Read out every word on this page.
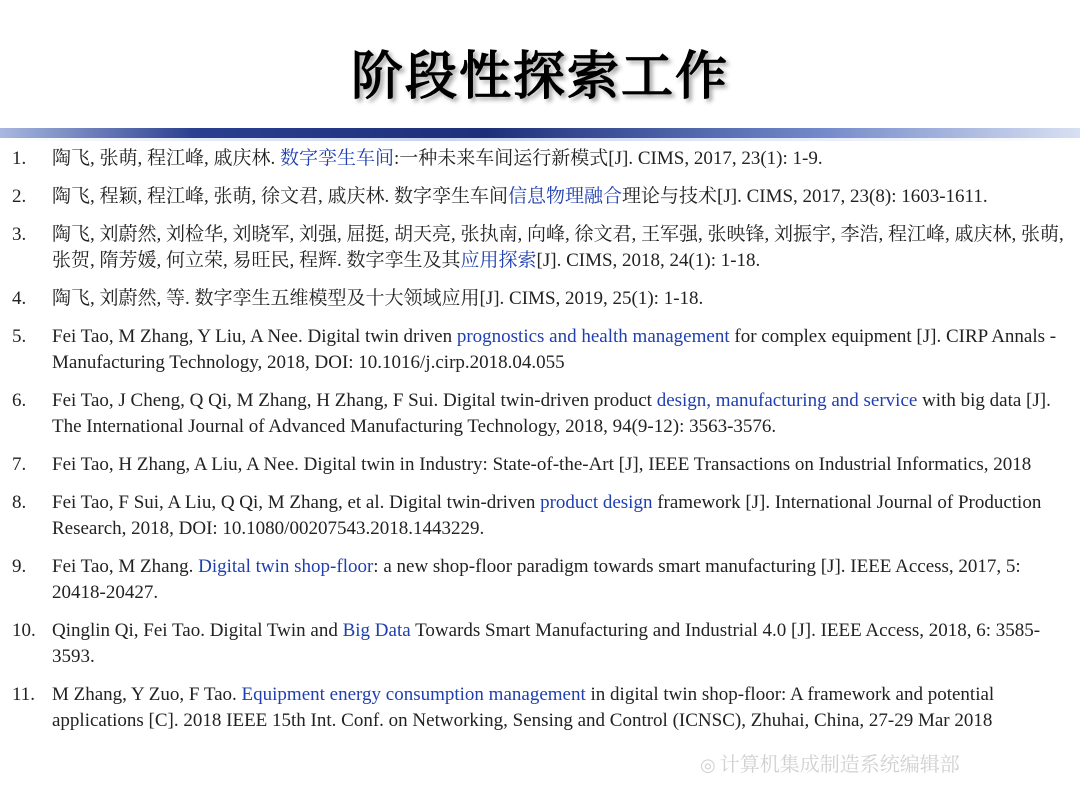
阶段性探索工作
1. 陶飞, 张萌, 程江峰, 戚庆林. 数字孪生车间:一种未来车间运行新模式[J]. CIMS, 2017, 23(1): 1-9.
2. 陶飞, 程颖, 程江峰, 张萌, 徐文君, 戚庆林. 数字孪生车间信息物理融合理论与技术[J]. CIMS, 2017, 23(8): 1603-1611.
3. 陶飞, 刘蔚然, 刘检华, 刘晓军, 刘强, 屈挺, 胡天亮, 张执南, 向峰, 徐文君, 王军强, 张映锋, 刘振宇, 李浩, 程江峰, 戚庆林, 张萌, 张贺, 隋芳媛, 何立荣, 易旺民, 程辉. 数字孪生及其应用探索[J]. CIMS, 2018, 24(1): 1-18.
4. 陶飞, 刘蔚然, 等. 数字孪生五维模型及十大领域应用[J]. CIMS, 2019, 25(1): 1-18.
5. Fei Tao, M Zhang, Y Liu, A Nee. Digital twin driven prognostics and health management for complex equipment [J]. CIRP Annals - Manufacturing Technology, 2018, DOI: 10.1016/j.cirp.2018.04.055
6. Fei Tao, J Cheng, Q Qi, M Zhang, H Zhang, F Sui. Digital twin-driven product design, manufacturing and service with big data [J]. The International Journal of Advanced Manufacturing Technology, 2018, 94(9-12): 3563-3576.
7. Fei Tao, H Zhang, A Liu, A Nee. Digital twin in Industry: State-of-the-Art [J], IEEE Transactions on Industrial Informatics, 2018
8. Fei Tao, F Sui, A Liu, Q Qi, M Zhang, et al. Digital twin-driven product design framework [J]. International Journal of Production Research, 2018, DOI: 10.1080/00207543.2018.1443229.
9. Fei Tao, M Zhang. Digital twin shop-floor: a new shop-floor paradigm towards smart manufacturing [J]. IEEE Access, 2017, 5: 20418-20427.
10. Qinglin Qi, Fei Tao. Digital Twin and Big Data Towards Smart Manufacturing and Industrial 4.0 [J]. IEEE Access, 2018, 6: 3585-3593.
11. M Zhang, Y Zuo, F Tao. Equipment energy consumption management in digital twin shop-floor: A framework and potential applications [C]. 2018 IEEE 15th Int. Conf. on Networking, Sensing and Control (ICNSC), Zhuhai, China, 27-29 Mar 2018
◎ 计算机集成制造系统编辑部
